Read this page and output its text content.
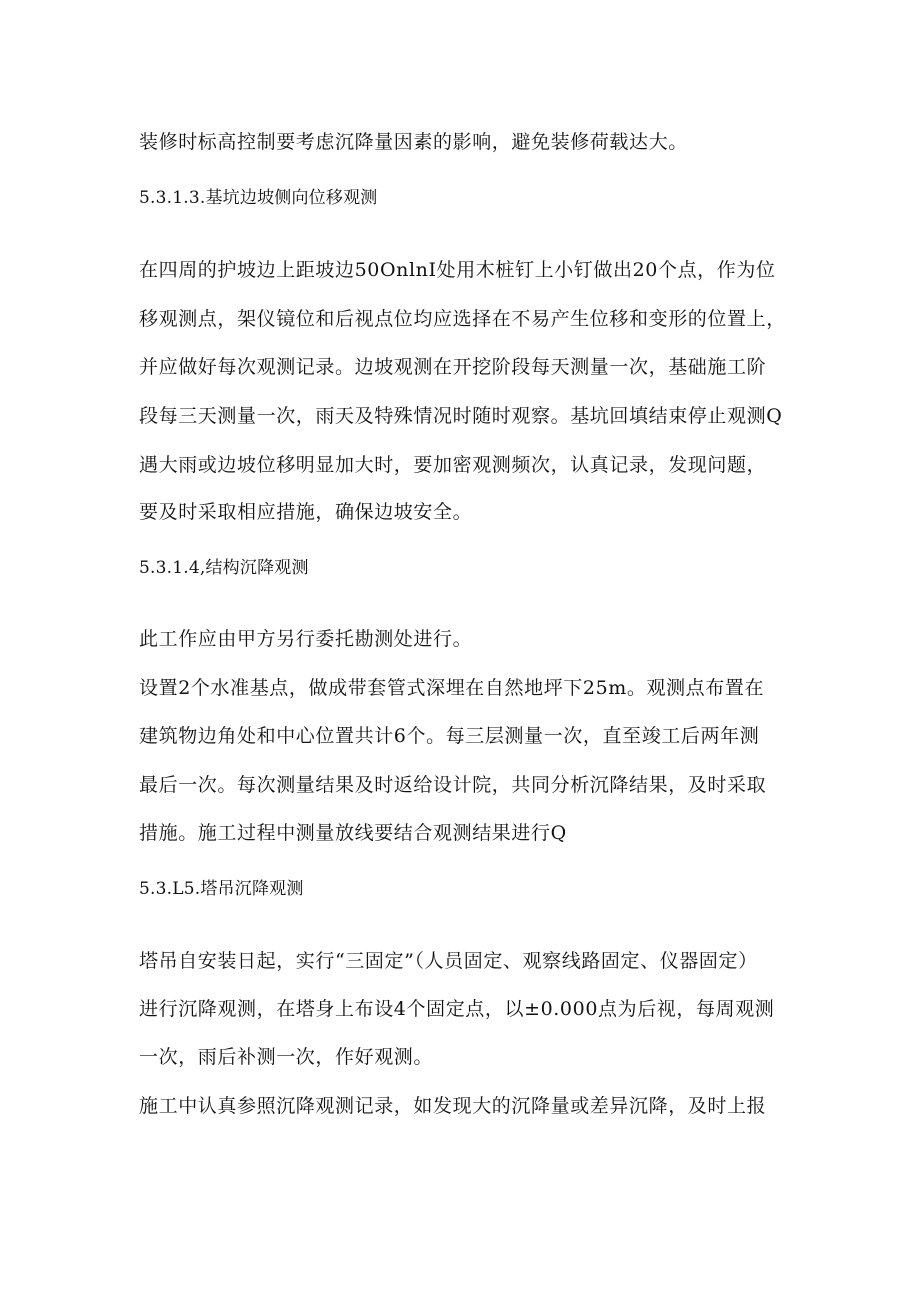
装修时标高控制要考虑沉降量因素的影响，避免装修荷载达大。
5.3.1.3.基坑边坡侧向位移观测
在四周的护坡边上距坡边50OnlnI处用木桩钉上小钉做出20个点，作为位
移观测点，架仪镜位和后视点位均应选择在不易产生位移和变形的位置上，
并应做好每次观测记录。边坡观测在开挖阶段每天测量一次，基础施工阶
段每三天测量一次，雨天及特殊情况时随时观察。基坑回填结束停止观测Q
遇大雨或边坡位移明显加大时，要加密观测频次，认真记录，发现问题，
要及时采取相应措施，确保边坡安全。
5.3.1.4,结构沉降观测
此工作应由甲方另行委托勘测处进行。
设置2个水准基点，做成带套管式深埋在自然地坪下25m。观测点布置在
建筑物边角处和中心位置共计6个。每三层测量一次，直至竣工后两年测
最后一次。每次测量结果及时返给设计院，共同分析沉降结果，及时采取
措施。施工过程中测量放线要结合观测结果进行Q
5.3.L5.塔吊沉降观测
塔吊自安装日起，实行“三固定”（人员固定、观察线路固定、仪器固定）
进行沉降观测，在塔身上布设4个固定点，以±0.000点为后视，每周观测
一次，雨后补测一次，作好观测。
施工中认真参照沉降观测记录，如发现大的沉降量或差异沉降，及时上报
